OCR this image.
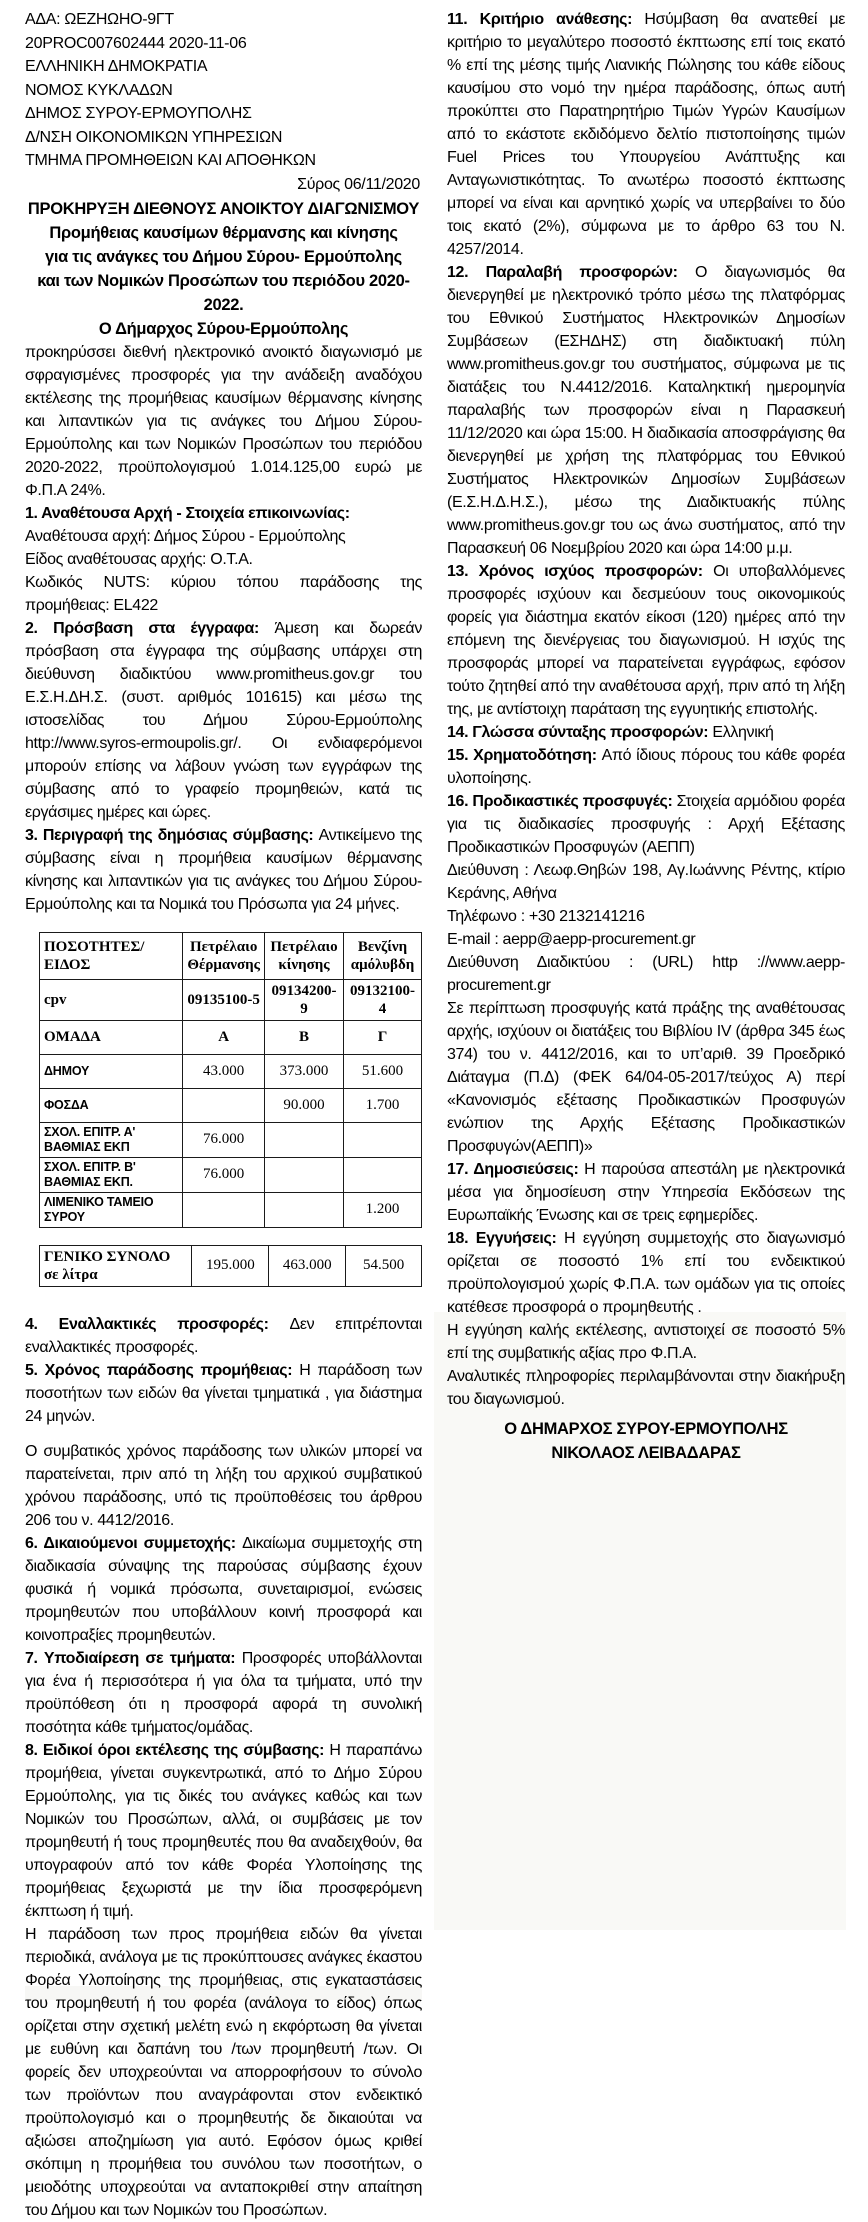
ΑΔΑ: ΩΕΖΗΩΗΟ-9ΓΤ
20PROC007602444 2020-11-06
ΕΛΛΗΝΙΚΗ ΔΗΜΟΚΡΑΤΙΑ
ΝΟΜΟΣ ΚΥΚΛΑΔΩΝ
ΔΗΜΟΣ ΣΥΡΟΥ-ΕΡΜΟΥΠΟΛΗΣ
Δ/ΝΣΗ ΟΙΚΟΝΟΜΙΚΩΝ ΥΠΗΡΕΣΙΩΝ
ΤΜΗΜΑ ΠΡΟΜΗΘΕΙΩΝ ΚΑΙ ΑΠΟΘΗΚΩΝ
Σύρος 06/11/2020
ΠΡΟΚΗΡΥΞΗ ΔΙΕΘΝΟΥΣ ΑΝΟΙΚΤΟΥ ΔΙΑΓΩΝΙΣΜΟΥ
Προμήθειας καυσίμων θέρμανσης και κίνησης
για τις ανάγκες του Δήμου Σύρου- Ερμούπολης
και των Νομικών Προσώπων του περιόδου 2020-2022.
Ο Δήμαρχος Σύρου-Ερμούπολης

προκηρύσσει διεθνή ηλεκτρονικό ανοικτό διαγωνισμό με σφραγισμένες προσφορές για την ανάδειξη αναδόχου εκτέλεσης της προμήθειας καυσίμων θέρμανσης κίνησης και λιπαντικών για τις ανάγκες του Δήμου Σύρου- Ερμούπολης και των Νομικών Προσώπων του περιόδου 2020-2022, προϋπολογισμού 1.014.125,00 ευρώ με Φ.Π.Α 24%.

1. Αναθέτουσα Αρχή - Στοιχεία επικοινωνίας:

Αναθέτουσα αρχή: Δήμος Σύρου - Ερμούπολης

Είδος αναθέτουσας αρχής: Ο.Τ.Α.

Κωδικός NUTS: κύριου τόπου παράδοσης της προμήθειας: EL422

2. Πρόσβαση στα έγγραφα: Άμεση και δωρεάν πρόσβαση στα έγγραφα της σύμβασης υπάρχει στη διεύθυνση διαδικτύου www.promitheus.gov.gr του Ε.Σ.Η.ΔΗ.Σ. (συστ. αριθμός 101615) και μέσω της ιστοσελίδας του Δήμου Σύρου-Ερμούπολης http://www.syros-ermoupolis.gr/. Οι ενδιαφερόμενοι μπορούν επίσης να λάβουν γνώση των εγγράφων της σύμβασης από το γραφείο προμηθειών, κατά τις εργάσιμες ημέρες και ώρες.

3. Περιγραφή της δημόσιας σύμβασης: Αντικείμενο της σύμβασης είναι η προμήθεια καυσίμων θέρμανσης κίνησης και λιπαντικών για τις ανάγκες του Δήμου Σύρου-Ερμούπολης και τα Νομικά του Πρόσωπα για 24 μήνες.

ΠΟΣΟΤΗΤΕΣ/ΕΙΔΟΣ	Πετρέλαιο Θέρμανσης	Πετρέλαιο κίνησης	Βενζίνη αμόλυβδη
cpv	09135100-5	09134200-9	09132100-4
ΟΜΑΔΑ	Α	Β	Γ
ΔΗΜΟΥ	43.000	373.000	51.600
ΦΟΣΔΑ		90.000	1.700
ΣΧΟΛ. ΕΠΙΤΡ. Α' ΒΑΘΜΙΑΣ ΕΚΠ	76.000		
ΣΧΟΛ. ΕΠΙΤΡ. Β' ΒΑΘΜΙΑΣ ΕΚΠ.	76.000		
ΛΙΜΕΝΙΚΟ ΤΑΜΕΙΟ ΣΥΡΟΥ			1.200
ΓΕΝΙΚΟ ΣΥΝΟΛΟ σε λίτρα	195.000	463.000	54.500

4. Εναλλακτικές προσφορές: Δεν επιτρέπονται εναλλακτικές προσφορές.

5. Χρόνος παράδοσης προμήθειας: Η παράδοση των ποσοτήτων των ειδών θα γίνεται τμηματικά , για διάστημα 24 μηνών.

Ο συμβατικός χρόνος παράδοσης των υλικών μπορεί να παρατείνεται, πριν από τη λήξη του αρχικού συμβατικού χρόνου παράδοσης, υπό τις προϋποθέσεις του άρθρου 206 του ν. 4412/2016.

6. Δικαιούμενοι συμμετοχής: Δικαίωμα συμμετοχής στη διαδικασία σύναψης της παρούσας σύμβασης έχουν φυσικά ή νομικά πρόσωπα, συνεταιρισμοί, ενώσεις προμηθευτών που υποβάλλουν κοινή προσφορά και κοινοπραξίες προμηθευτών.

7. Υποδιαίρεση σε τμήματα: Προσφορές υποβάλλονται για ένα ή περισσότερα ή για όλα τα τμήματα, υπό την προϋπόθεση ότι η προσφορά αφορά τη συνολική ποσότητα κάθε τμήματος/ομάδας.

8. Ειδικοί όροι εκτέλεσης της σύμβασης: Η παραπάνω προμήθεια, γίνεται συγκεντρωτικά, από το Δήμο Σύρου Ερμούπολης, για τις δικές του ανάγκες καθώς και των Νομικών του Προσώπων, αλλά, οι συμβάσεις με τον προμηθευτή ή τους προμηθευτές που θα αναδειχθούν, θα υπογραφούν από τον κάθε Φορέα Υλοποίησης της προμήθειας ξεχωριστά με την ίδια προσφερόμενη έκπτωση ή τιμή.

Η παράδοση των προς προμήθεια ειδών θα γίνεται περιοδικά, ανάλογα με τις προκύπτουσες ανάγκες έκαστου Φορέα Υλοποίησης της προμήθειας, στις εγκαταστάσεις του προμηθευτή ή του φορέα (ανάλογα το είδος) όπως ορίζεται στην σχετική μελέτη ενώ η εκφόρτωση θα γίνεται με ευθύνη και δαπάνη του /των προμηθευτή /των. Οι φορείς δεν υποχρεούνται να απορροφήσουν το σύνολο των προϊόντων που αναγράφονται στον ενδεικτικό προϋπολογισμό και ο προμηθευτής δε δικαιούται να αξιώσει αποζημίωση για αυτό. Εφόσον όμως κριθεί σκόπιμη η προμήθεια του συνόλου των ποσοτήτων, ο μειοδότης υποχρεούται να ανταποκριθεί στην απαίτηση του Δήμου και των Νομικών του Προσώπων.

11. Κριτήριο ανάθεσης: Ησύμβαση θα ανατεθεί με κριτήριο το μεγαλύτερο ποσοστό έκπτωσης επί τοις εκατό % επί της μέσης τιμής Λιανικής Πώλησης του κάθε είδους καυσίμου στο νομό την ημέρα παράδοσης, όπως αυτή προκύπτει στο Παρατηρητήριο Τιμών Υγρών Καυσίμων από το εκάστοτε εκδιδόμενο δελτίο πιστοποίησης τιμών Fuel Prices του Υπουργείου Ανάπτυξης και Ανταγωνιστικότητας. Το ανωτέρω ποσοστό έκπτωσης μπορεί να είναι και αρνητικό χωρίς να υπερβαίνει το δύο τοις εκατό (2%), σύμφωνα με το άρθρο 63 του Ν. 4257/2014.

12. Παραλαβή προσφορών: Ο διαγωνισμός θα διενεργηθεί με ηλεκτρονικό τρόπο μέσω της πλατφόρμας του Εθνικού Συστήματος Ηλεκτρονικών Δημοσίων Συμβάσεων (ΕΣΗΔΗΣ) στη διαδικτυακή πύλη www.promitheus.gov.gr του συστήματος, σύμφωνα με τις διατάξεις του Ν.4412/2016. Καταληκτική ημερομηνία παραλαβής των προσφορών είναι η Παρασκευή 11/12/2020 και ώρα 15:00. Η διαδικασία αποσφράγισης θα διενεργηθεί με χρήση της πλατφόρμας του Εθνικού Συστήματος Ηλεκτρονικών Δημοσίων Συμβάσεων (Ε.Σ.Η.Δ.Η.Σ.), μέσω της Διαδικτυακής πύλης www.promitheus.gov.gr του ως άνω συστήματος, από την Παρασκευή 06 Νοεμβρίου 2020 και ώρα 14:00 μ.μ.

13. Χρόνος ισχύος προσφορών: Οι υποβαλλόμενες προσφορές ισχύουν και δεσμεύουν τους οικονομικούς φορείς για διάστημα εκατόν είκοσι (120) ημέρες από την επόμενη της διενέργειας του διαγωνισμού. Η ισχύς της προσφοράς μπορεί να παρατείνεται εγγράφως, εφόσον τούτο ζητηθεί από την αναθέτουσα αρχή, πριν από τη λήξη της, με αντίστοιχη παράταση της εγγυητικής επιστολής.

14. Γλώσσα σύνταξης προσφορών: Ελληνική

15. Χρηματοδότηση: Από ίδιους πόρους του κάθε φορέα υλοποίησης.

16. Προδικαστικές προσφυγές: Στοιχεία αρμόδιου φορέα για τις διαδικασίες προσφυγής : Αρχή Εξέτασης Προδικαστικών Προσφυγών (ΑΕΠΠ)

Διεύθυνση : Λεωφ.Θηβών 198, Αγ.Ιωάννης Ρέντης, κτίριο Κεράνης, Αθήνα

Τηλέφωνο : +30 2132141216

E-mail : aepp@aepp-procurement.gr

Διεύθυνση Διαδικτύου : (URL) http ://www.aepp-procurement.gr

Σε περίπτωση προσφυγής κατά πράξης της αναθέτουσας αρχής, ισχύουν οι διατάξεις του Βιβλίου IV (άρθρα 345 έως 374) του ν. 4412/2016, και το υπ’αριθ. 39 Προεδρικό Διάταγμα (Π.Δ) (ΦΕΚ 64/04-05-2017/τεύχος Α) περί «Κανονισμός εξέτασης Προδικαστικών Προσφυγών ενώπιον της Αρχής Εξέτασης Προδικαστικών Προσφυγών(ΑΕΠΠ)»

17. Δημοσιεύσεις: Η παρούσα απεστάλη με ηλεκτρονικά μέσα για δημοσίευση στην Υπηρεσία Εκδόσεων της Ευρωπαϊκής Ένωσης και σε τρεις εφημερίδες.

18. Εγγυήσεις: Η εγγύηση συμμετοχής στο διαγωνισμό ορίζεται σε ποσοστό 1% επί του ενδεικτικού προϋπολογισμού χωρίς Φ.Π.Α. των ομάδων για τις οποίες κατέθεσε προσφορά ο προμηθευτής .

Η εγγύηση καλής εκτέλεσης, αντιστοιχεί σε ποσοστό 5% επί της συμβατικής αξίας προ Φ.Π.Α.

Αναλυτικές πληροφορίες περιλαμβάνονται στην διακήρυξη του διαγωνισμού.

Ο ΔΗΜΑΡΧΟΣ ΣΥΡΟΥ-ΕΡΜΟΥΠΟΛΗΣ
ΝΙΚΟΛΑΟΣ ΛΕΙΒΑΔΑΡΑΣ
